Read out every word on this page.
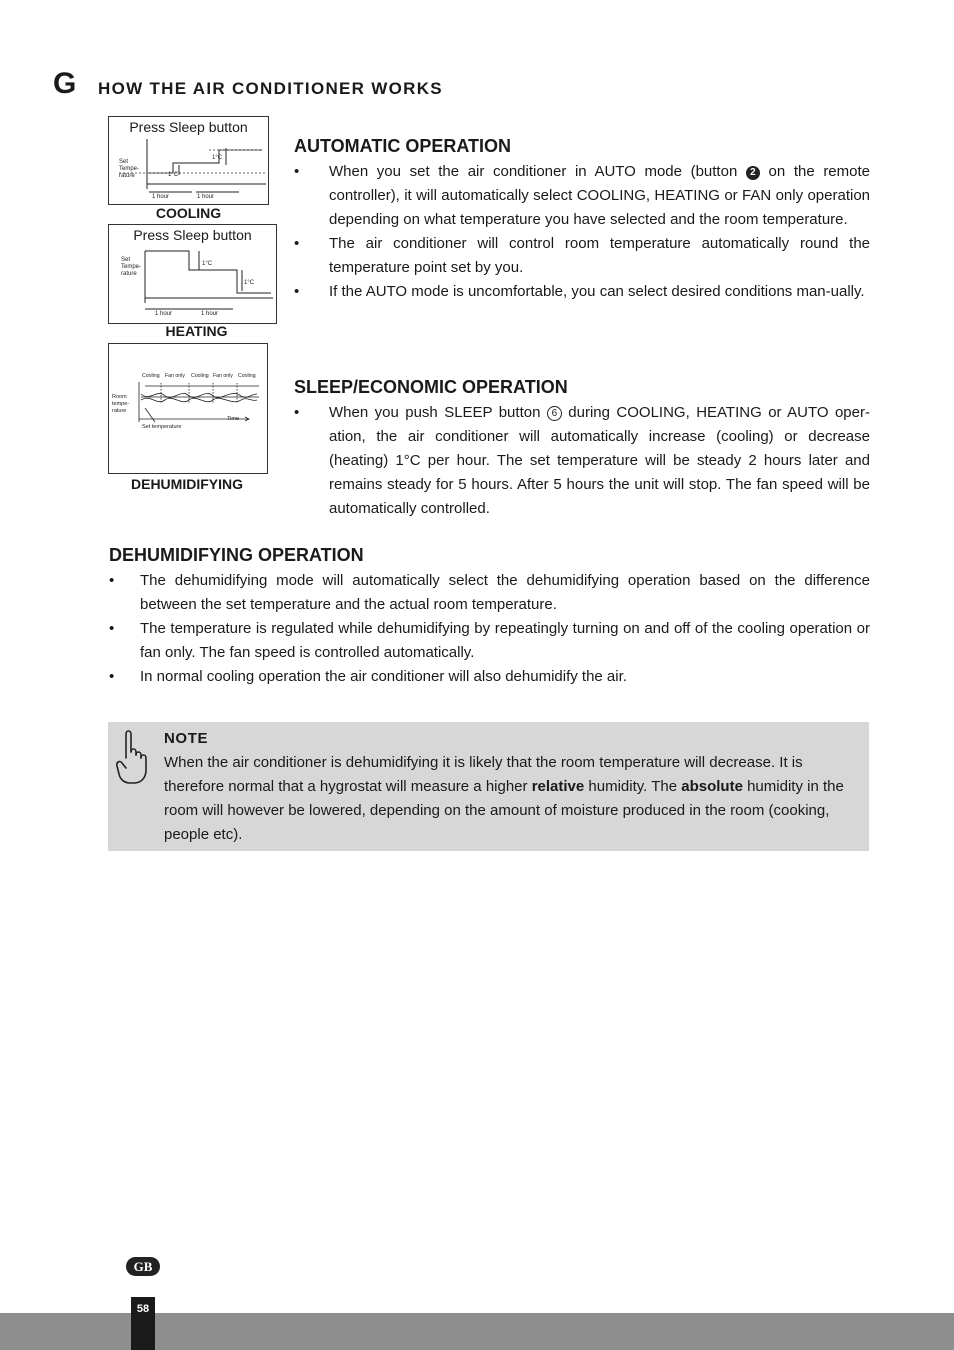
G HOW THE AIR CONDITIONER WORKS
Press Sleep button
Set
Tempe-
rature	1°C
1°C
1 hour	1 hour
COOLING
Press Sleep button
Set
Tempe-
rature
1°C
1°C
1 hour	1 hour
HEATING
Cooling Fan only Cooling Fan only Cooling
Room
tempe-
rature
Time
Set temperature
DEHUMIDIFYING
AUTOMATIC OPERATION
• When you set the air conditioner in AUTO mode (button 2 on the remote controller), it will automatically select COOLING, HEATING or FAN only operation depending on what temperature you have selected and the room temperature.
• The air conditioner will control room temperature automatically round the temperature point set by you.
• If the AUTO mode is uncomfortable, you can select desired conditions man-ually.
SLEEP/ECONOMIC OPERATION
• When you push SLEEP button 6 during COOLING, HEATING or AUTO oper-ation, the air conditioner will automatically increase (cooling) or decrease (heating) 1°C per hour. The set temperature will be steady 2 hours later and remains steady for 5 hours. After 5 hours the unit will stop. The fan speed will be automatically controlled.
DEHUMIDIFYING OPERATION
• The dehumidifying mode will automatically select the dehumidifying operation based on the difference between the set temperature and the actual room temperature.
• The temperature is regulated while dehumidifying by repeatingly turning on and off of the cooling operation or fan only. The fan speed is controlled automatically.
• In normal cooling operation the air conditioner will also dehumidify the air.
NOTE
When the air conditioner is dehumidifying it is likely that the room temperature will decrease. It is therefore normal that a hygrostat will measure a higher relative humidity. The absolute humidity in the room will however be lowered, depending on the amount of moisture produced in the room (cooking, people etc).
GB
58
